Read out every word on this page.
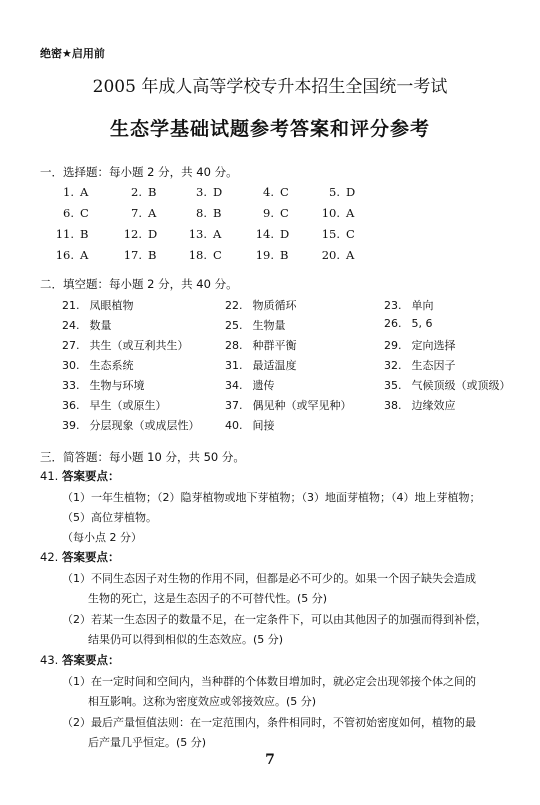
绝密★启用前
2005 年成人高等学校专升本招生全国统一考试
生态学基础试题参考答案和评分参考
一．选择题：每小题 2 分，共 40 分。
1. A	2. B	3. D	4. C	5. D
6. C	7. A	8. B	9. C	10. A
11. B	12. D	13. A	14. D	15. C
16. A	17. B	18. C	19. B	20. A
二．填空题：每小题 2 分，共 40 分。
21. 凤眼植物	22. 物质循环	23. 单向
24. 数量	25. 生物量	26. 5, 6
27. 共生（或互利共生）	28. 种群平衡	29. 定向选择
30. 生态系统	31. 最适温度	32. 生态因子
33. 生物与环境	34. 遗传	35. 气候顶级（或顶级）
36. 早生（或原生）	37. 偶见种（或罕见种）	38. 边缘效应
39. 分层现象（或成层性） 40. 间接
三．简答题：每小题 10 分，共 50 分。
41. 答案要点：
（1）一年生植物；（2）隐芽植物或地下芽植物；（3）地面芽植物；（4）地上芽植物；
（5）高位芽植物。
（每小点 2 分）
42. 答案要点：
（1）不同生态因子对生物的作用不同，但都是必不可少的。如果一个因子缺失会造成
生物的死亡，这是生态因子的不可替代性。(5 分)
（2）若某一生态因子的数量不足，在一定条件下，可以由其他因子的加强而得到补偿，
结果仍可以得到相似的生态效应。(5 分)
43. 答案要点：
（1）在一定时间和空间内，当种群的个体数目增加时，就必定会出现邻接个体之间的
相互影响。这称为密度效应或邻接效应。(5 分)
（2）最后产量恒值法则：在一定范围内，条件相同时，不管初始密度如何，植物的最
后产量几乎恒定。(5 分)
7
